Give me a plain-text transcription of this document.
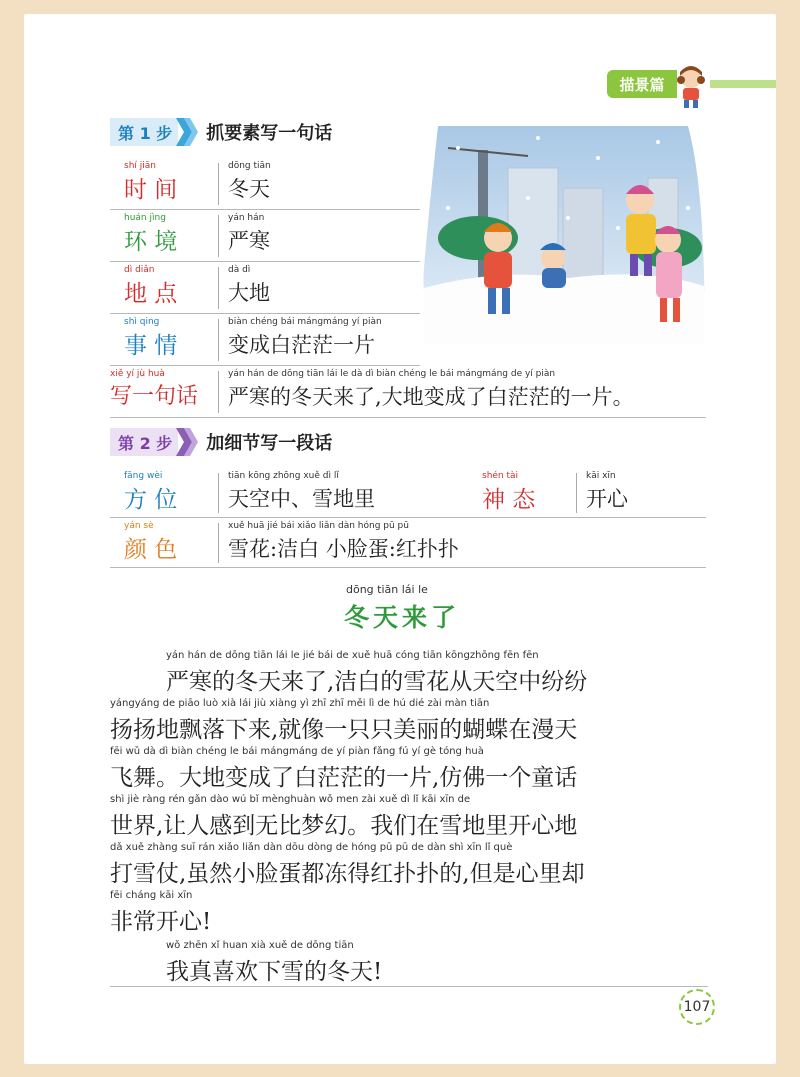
描景篇
第 1 步	抓要素写一句话
shí jiān
时 间
dōng tiān
冬天
huán jìng
环 境
yán hán
严寒
dì diǎn
地 点
dà dì
大地
shì qing
事 情
biàn chéng bái mángmáng yí piàn
变成白茫茫一片
xiě yí jù huà
写一句话
yán hán de dōng tiān lái le dà dì biàn chéng le bái mángmáng de yí piàn
严寒的冬天来了,大地变成了白茫茫的一片。
第 2 步	加细节写一段话
fāng wèi
方 位
tiān kōng zhōng xuě dì lǐ
天空中、雪地里
shén tài
神 态
kāi xīn
开心
yán sè
颜 色
xuě huā jié bái xiǎo liǎn dàn hóng pū pū
雪花:洁白 小脸蛋:红扑扑
dōng tiān lái le
冬天来了
yán hán de dōng tiān lái le jié bái de xuě huā cóng tiān kōngzhōng fēn fēn
严寒的冬天来了,洁白的雪花从天空中纷纷
yángyáng de piāo luò xià lái jiù xiàng yì zhī zhī měi lì de hú dié zài màn tiān
扬扬地飘落下来,就像一只只美丽的蝴蝶在漫天
fēi wǔ dà dì biàn chéng le bái mángmáng de yí piàn fǎng fú yí gè tóng huà
飞舞。大地变成了白茫茫的一片,仿佛一个童话
shì jiè ràng rén gǎn dào wú bǐ mènghuàn wǒ men zài xuě dì lǐ kāi xīn de
世界,让人感到无比梦幻。我们在雪地里开心地
dǎ xuě zhàng suī rán xiǎo liǎn dàn dōu dòng de hóng pū pū de dàn shì xīn lǐ què
打雪仗,虽然小脸蛋都冻得红扑扑的,但是心里却
fēi cháng kāi xīn
非常开心!
wǒ zhēn xǐ huan xià xuě de dōng tiān
我真喜欢下雪的冬天!
107
